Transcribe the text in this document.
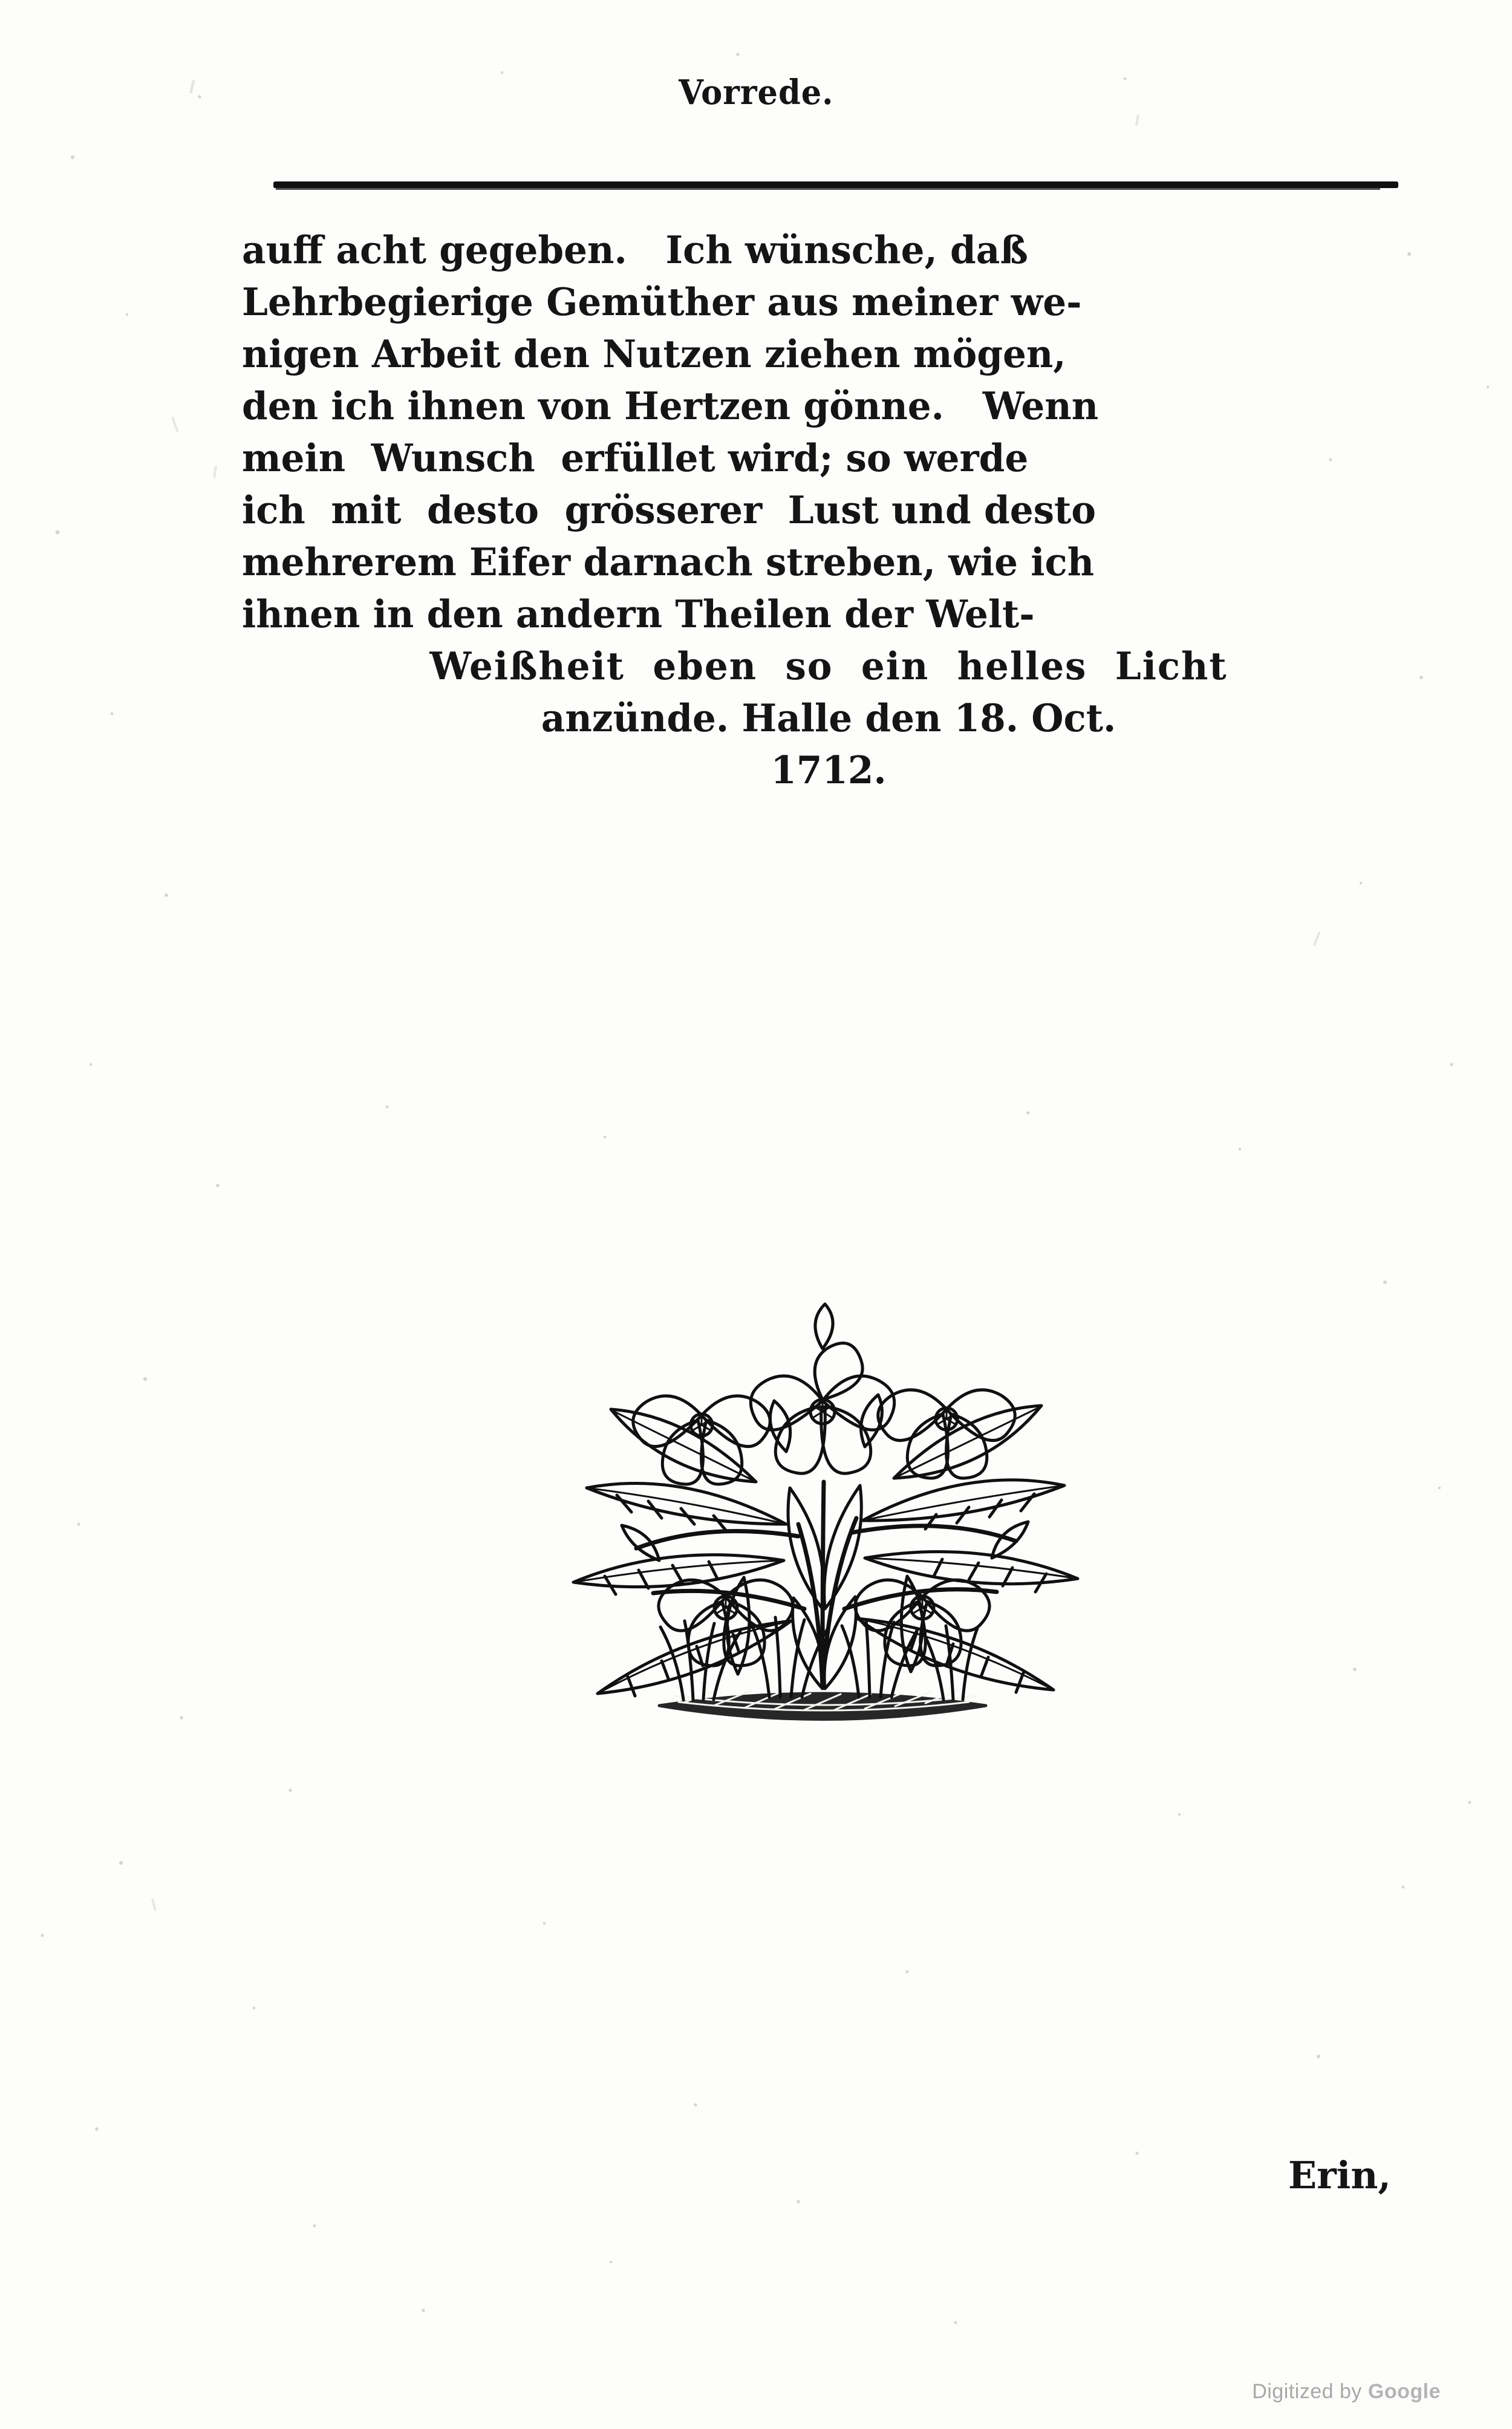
Vorrede.
auff acht gegeben.   Ich wünsche, daß
Lehrbegierige Gemüther aus meiner we-
nigen Arbeit den Nutzen ziehen mögen,
den ich ihnen von Hertzen gönne.   Wenn
mein  Wunsch  erfüllet wird; so werde
ich  mit  desto  grösserer  Lust und desto
mehrerem Eifer darnach streben, wie ich
ihnen in den andern Theilen der Welt-
Weißheit  eben  so  ein  helles  Licht
anzünde. Halle den 18. Oct.
1712.
Erin,
Digitized by Google
